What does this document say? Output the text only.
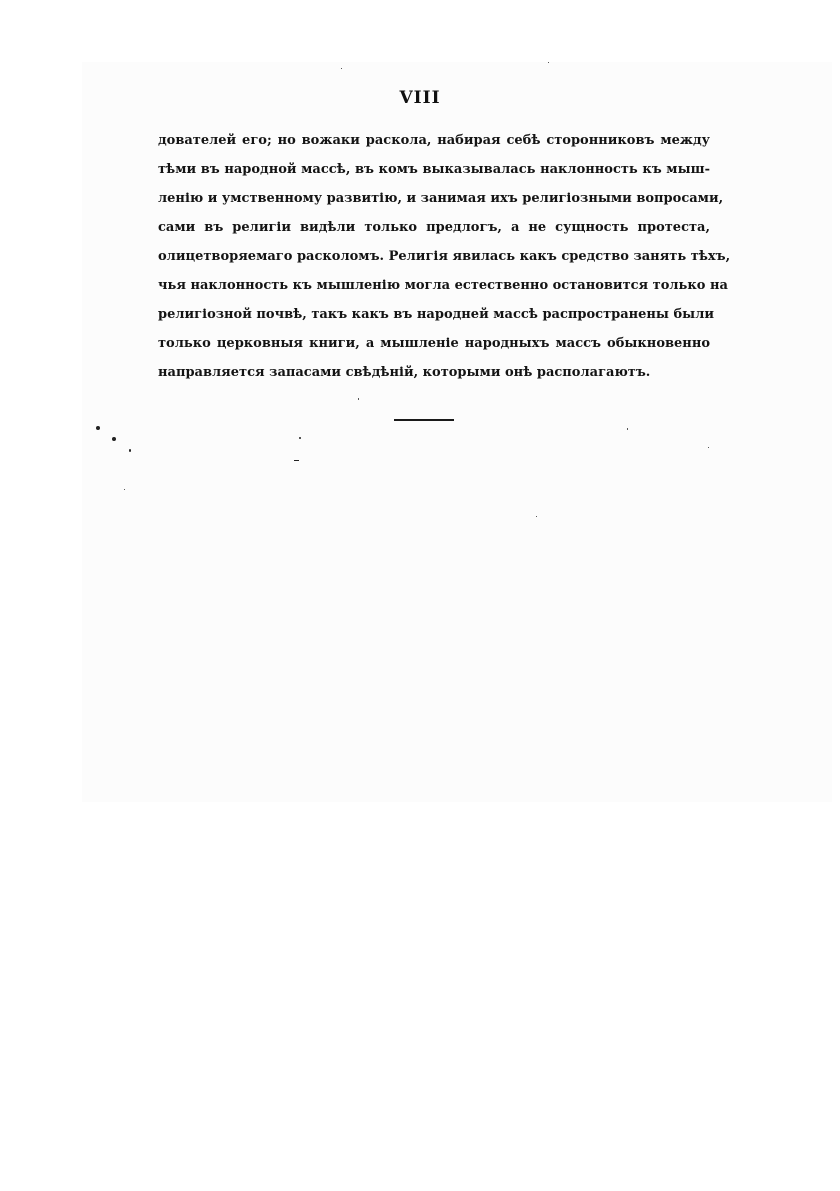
VIII
дователей его; но вожаки раскола, набирая себѣ сторонниковъ между
тѣми въ народной массѣ, въ комъ выказывалась наклонность къ мыш-
ленію и умственному развитію, и занимая ихъ религіозными вопросами,
сами въ религіи видѣли только предлогъ, а не сущность протеста,
олицетворяемаго расколомъ. Религія явилась какъ средство занять тѣхъ,
чья наклонность къ мышленію могла естественно остановится только на
религіозной почвѣ, такъ какъ въ народней массѣ распространены были
только церковныя книги, а мышленіе народныхъ массъ обыкновенно
направляется запасами свѣдѣній, которыми онѣ располагаютъ.
